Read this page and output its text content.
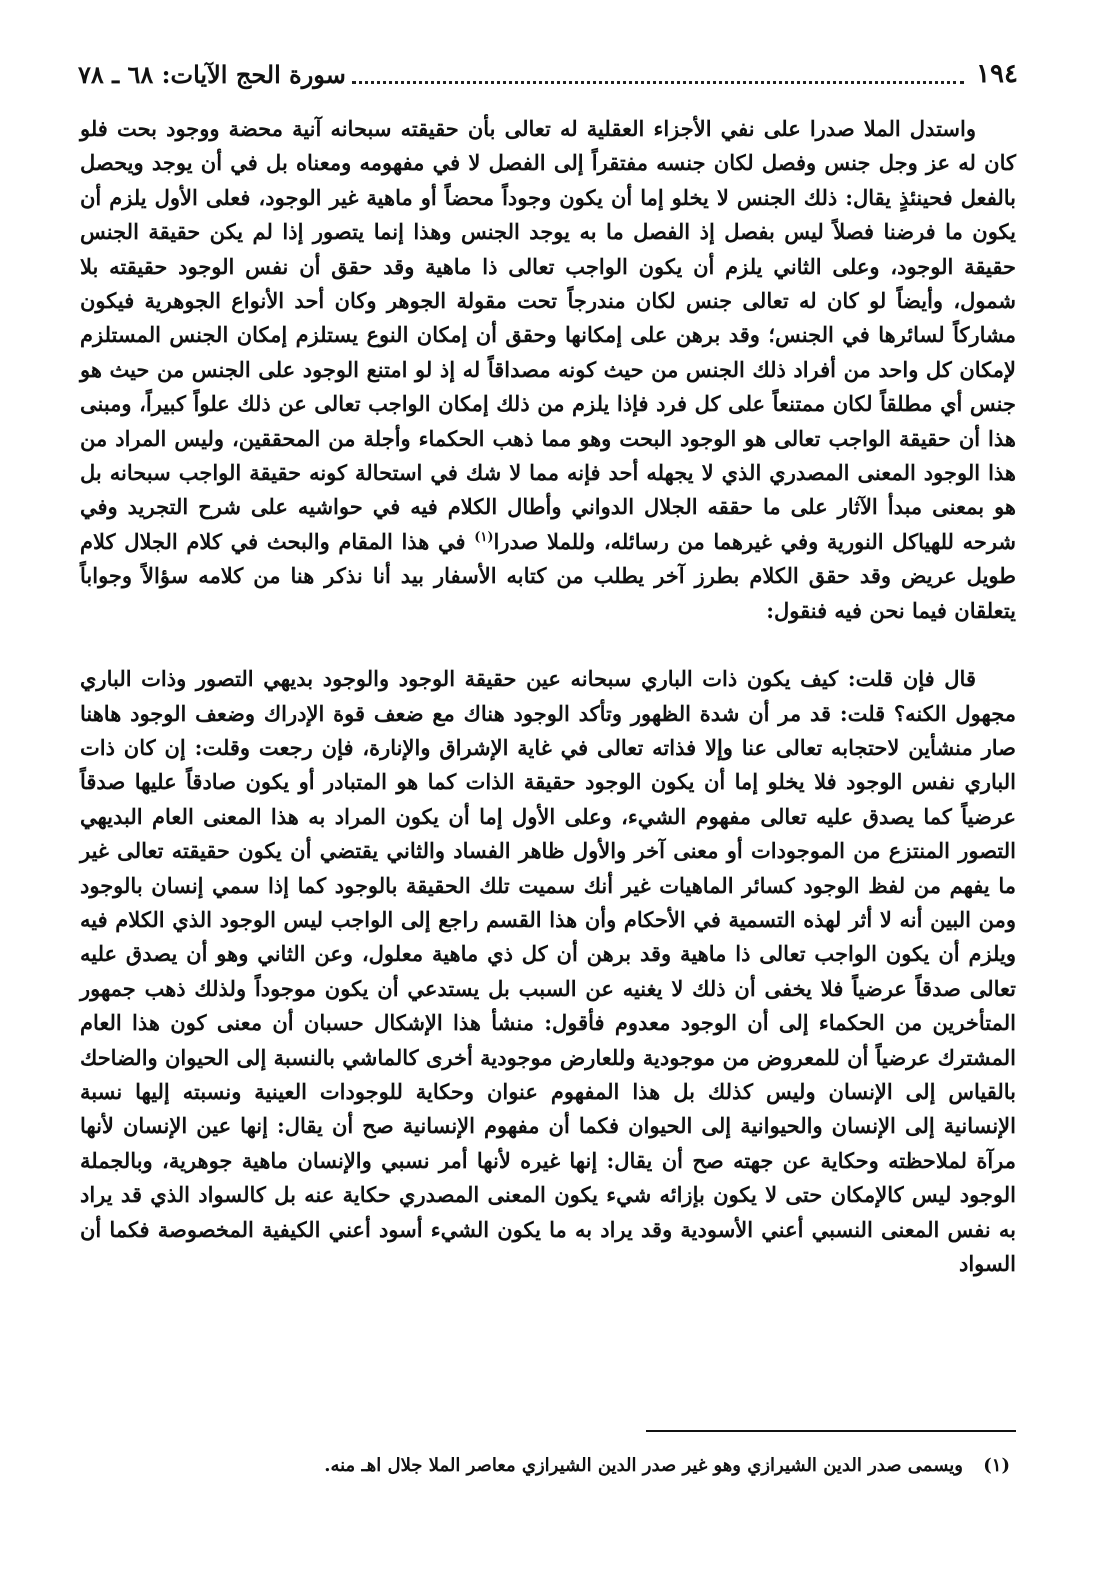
١٩٤
سورة الحج الآيات: ٦٨ ـ ٧٨

واستدل الملا صدرا على نفي الأجزاء العقلية له تعالى بأن حقيقته سبحانه آنية محضة ووجود بحت فلو كان له عز وجل جنس وفصل لكان جنسه مفتقراً إلى الفصل لا في مفهومه ومعناه بل في أن يوجد ويحصل بالفعل فحينئذٍ يقال: ذلك الجنس لا يخلو إما أن يكون وجوداً محضاً أو ماهية غير الوجود، فعلى الأول يلزم أن يكون ما فرضنا فصلاً ليس بفصل إذ الفصل ما به يوجد الجنس وهذا إنما يتصور إذا لم يكن حقيقة الجنس حقيقة الوجود، وعلى الثاني يلزم أن يكون الواجب تعالى ذا ماهية وقد حقق أن نفس الوجود حقيقته بلا شمول، وأيضاً لو كان له تعالى جنس لكان مندرجاً تحت مقولة الجوهر وكان أحد الأنواع الجوهرية فيكون مشاركاً لسائرها في الجنس؛ وقد برهن على إمكانها وحقق أن إمكان النوع يستلزم إمكان الجنس المستلزم لإمكان كل واحد من أفراد ذلك الجنس من حيث كونه مصداقاً له إذ لو امتنع الوجود على الجنس من حيث هو جنس أي مطلقاً لكان ممتنعاً على كل فرد فإذا يلزم من ذلك إمكان الواجب تعالى عن ذلك علواً كبيراً، ومبنى هذا أن حقيقة الواجب تعالى هو الوجود البحت وهو مما ذهب الحكماء وأجلة من المحققين، وليس المراد من هذا الوجود المعنى المصدري الذي لا يجهله أحد فإنه مما لا شك في استحالة كونه حقيقة الواجب سبحانه بل هو بمعنى مبدأ الآثار على ما حققه الجلال الدواني وأطال الكلام فيه في حواشيه على شرح التجريد وفي شرحه للهياكل النورية وفي غيرهما من رسائله، وللملا صدرا$^{(١)}$ في هذا المقام والبحث في كلام الجلال كلام طويل عريض وقد حقق الكلام بطرز آخر يطلب من كتابه الأسفار بيد أنا نذكر هنا من كلامه سؤالاً وجواباً يتعلقان فيما نحن فيه فنقول:

قال فإن قلت: كيف يكون ذات الباري سبحانه عين حقيقة الوجود والوجود بديهي التصور وذات الباري مجهول الكنه؟ قلت: قد مر أن شدة الظهور وتأكد الوجود هناك مع ضعف قوة الإدراك وضعف الوجود هاهنا صار منشأين لاحتجابه تعالى عنا وإلا فذاته تعالى في غاية الإشراق والإنارة، فإن رجعت وقلت: إن كان ذات الباري نفس الوجود فلا يخلو إما أن يكون الوجود حقيقة الذات كما هو المتبادر أو يكون صادقاً عليها صدقاً عرضياً كما يصدق عليه تعالى مفهوم الشيء، وعلى الأول إما أن يكون المراد به هذا المعنى العام البديهي التصور المنتزع من الموجودات أو معنى آخر والأول ظاهر الفساد والثاني يقتضي أن يكون حقيقته تعالى غير ما يفهم من لفظ الوجود كسائر الماهيات غير أنك سميت تلك الحقيقة بالوجود كما إذا سمي إنسان بالوجود ومن البين أنه لا أثر لهذه التسمية في الأحكام وأن هذا القسم راجع إلى الواجب ليس الوجود الذي الكلام فيه ويلزم أن يكون الواجب تعالى ذا ماهية وقد برهن أن كل ذي ماهية معلول، وعن الثاني وهو أن يصدق عليه تعالى صدقاً عرضياً فلا يخفى أن ذلك لا يغنيه عن السبب بل يستدعي أن يكون موجوداً ولذلك ذهب جمهور المتأخرين من الحكماء إلى أن الوجود معدوم فأقول: منشأ هذا الإشكال حسبان أن معنى كون هذا العام المشترك عرضياً أن للمعروض من موجودية وللعارض موجودية أخرى كالماشي بالنسبة إلى الحيوان والضاحك بالقياس إلى الإنسان وليس كذلك بل هذا المفهوم عنوان وحكاية للوجودات العينية ونسبته إليها نسبة الإنسانية إلى الإنسان والحيوانية إلى الحيوان فكما أن مفهوم الإنسانية صح أن يقال: إنها عين الإنسان لأنها مرآة لملاحظته وحكاية عن جهته صح أن يقال: إنها غيره لأنها أمر نسبي والإنسان ماهية جوهرية، وبالجملة الوجود ليس كالإمكان حتى لا يكون بإزائه شيء يكون المعنى المصدري حكاية عنه بل كالسواد الذي قد يراد به نفس المعنى النسبي أعني الأسودية وقد يراد به ما يكون الشيء أسود أعني الكيفية المخصوصة فكما أن السواد

(١) ويسمى صدر الدين الشيرازي وهو غير صدر الدين الشيرازي معاصر الملا جلال اهـ منه.
